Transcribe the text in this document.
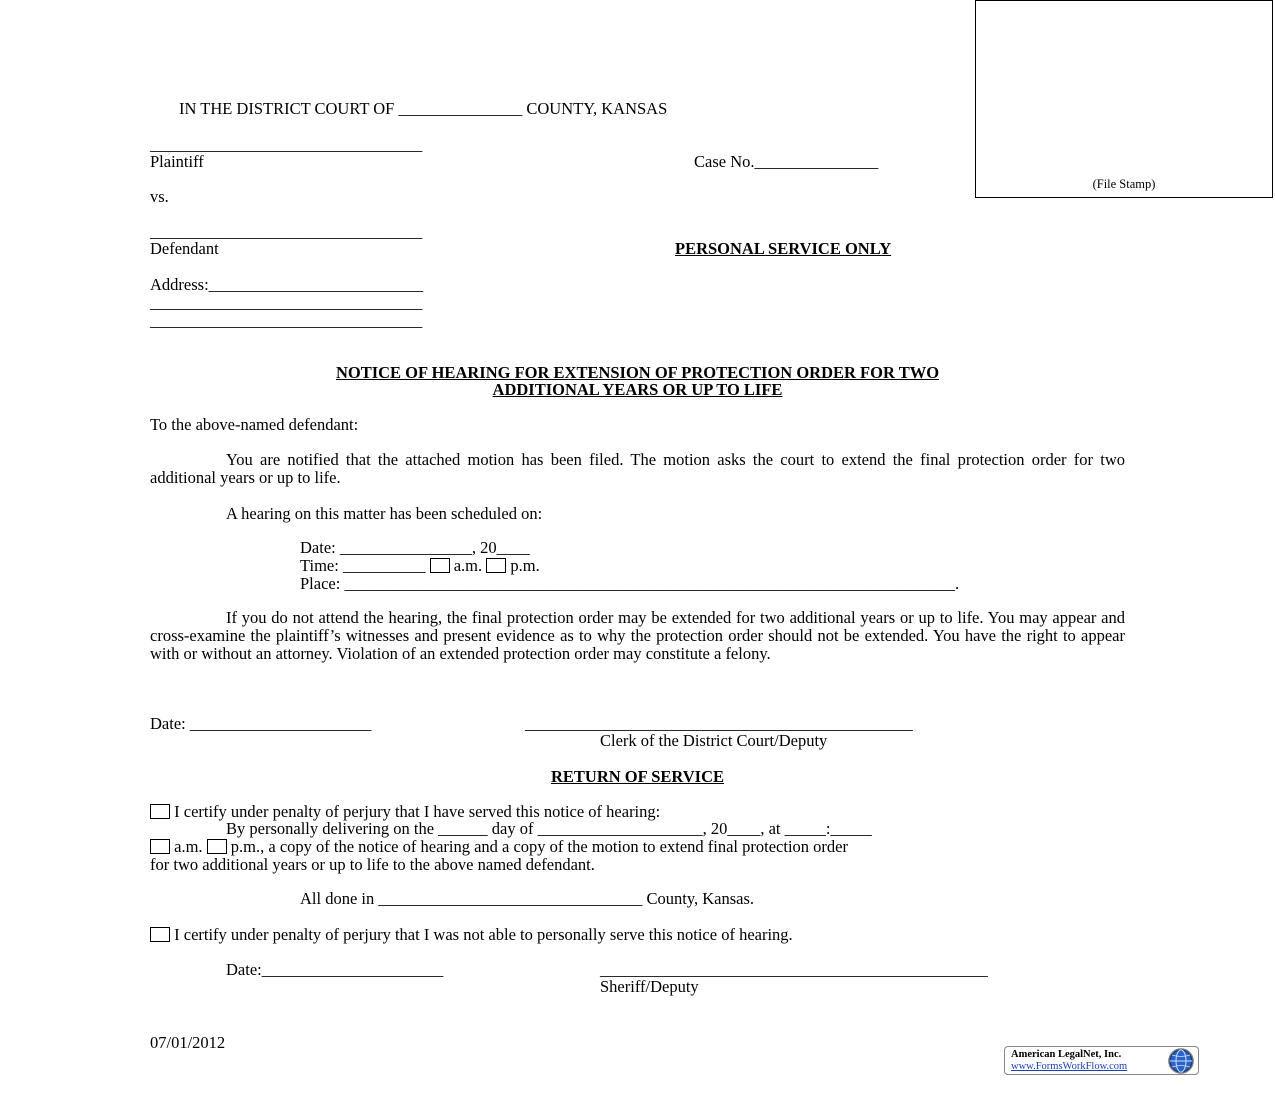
(File Stamp)
IN THE DISTRICT COURT OF _______________ COUNTY, KANSAS
_________________________________
Plaintiff	Case No._______________
vs.
_________________________________
Defendant	PERSONAL SERVICE ONLY
Address:__________________________
_________________________________
_________________________________
NOTICE OF HEARING FOR EXTENSION OF PROTECTION ORDER FOR TWO
ADDITIONAL YEARS OR UP TO LIFE
To the above-named defendant:
You are notified that the attached motion has been filed. The motion asks the court to extend the final protection order for two additional years or up to life.
A hearing on this matter has been scheduled on:
Date: ________________, 20____
Time: __________ a.m. p.m.
Place: __________________________________________________________________________.
If you do not attend the hearing, the final protection order may be extended for two additional years or up to life. You may appear and cross-examine the plaintiff’s witnesses and present evidence as to why the protection order should not be extended. You have the right to appear with or without an attorney. Violation of an extended protection order may constitute a felony.
Date: ______________________	_______________________________________________
Clerk of the District Court/Deputy
RETURN OF SERVICE
I certify under penalty of perjury that I have served this notice of hearing:
By personally delivering on the ______ day of ____________________, 20____, at _____:_____
a.m. p.m., a copy of the notice of hearing and a copy of the motion to extend final protection order
for two additional years or up to life to the above named defendant.
All done in ________________________________ County, Kansas.
I certify under penalty of perjury that I was not able to personally serve this notice of hearing.
Date:______________________	_______________________________________________
Sheriff/Deputy
07/01/2012
American LegalNet, Inc.
www.FormsWorkFlow.com
